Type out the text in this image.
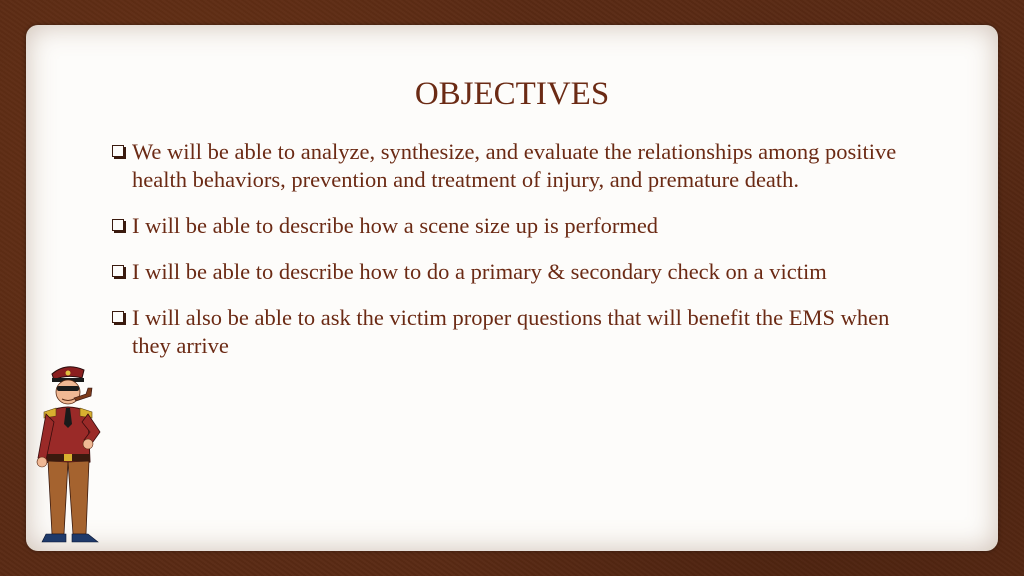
OBJECTIVES
We will be able to analyze, synthesize, and evaluate the relationships among positive health behaviors, prevention and treatment of injury, and premature death.
I will be able to describe how a scene size up is performed
I will be able to describe how to do a primary & secondary check on a victim
I will also be able to ask the victim proper questions that will benefit the EMS when they arrive
